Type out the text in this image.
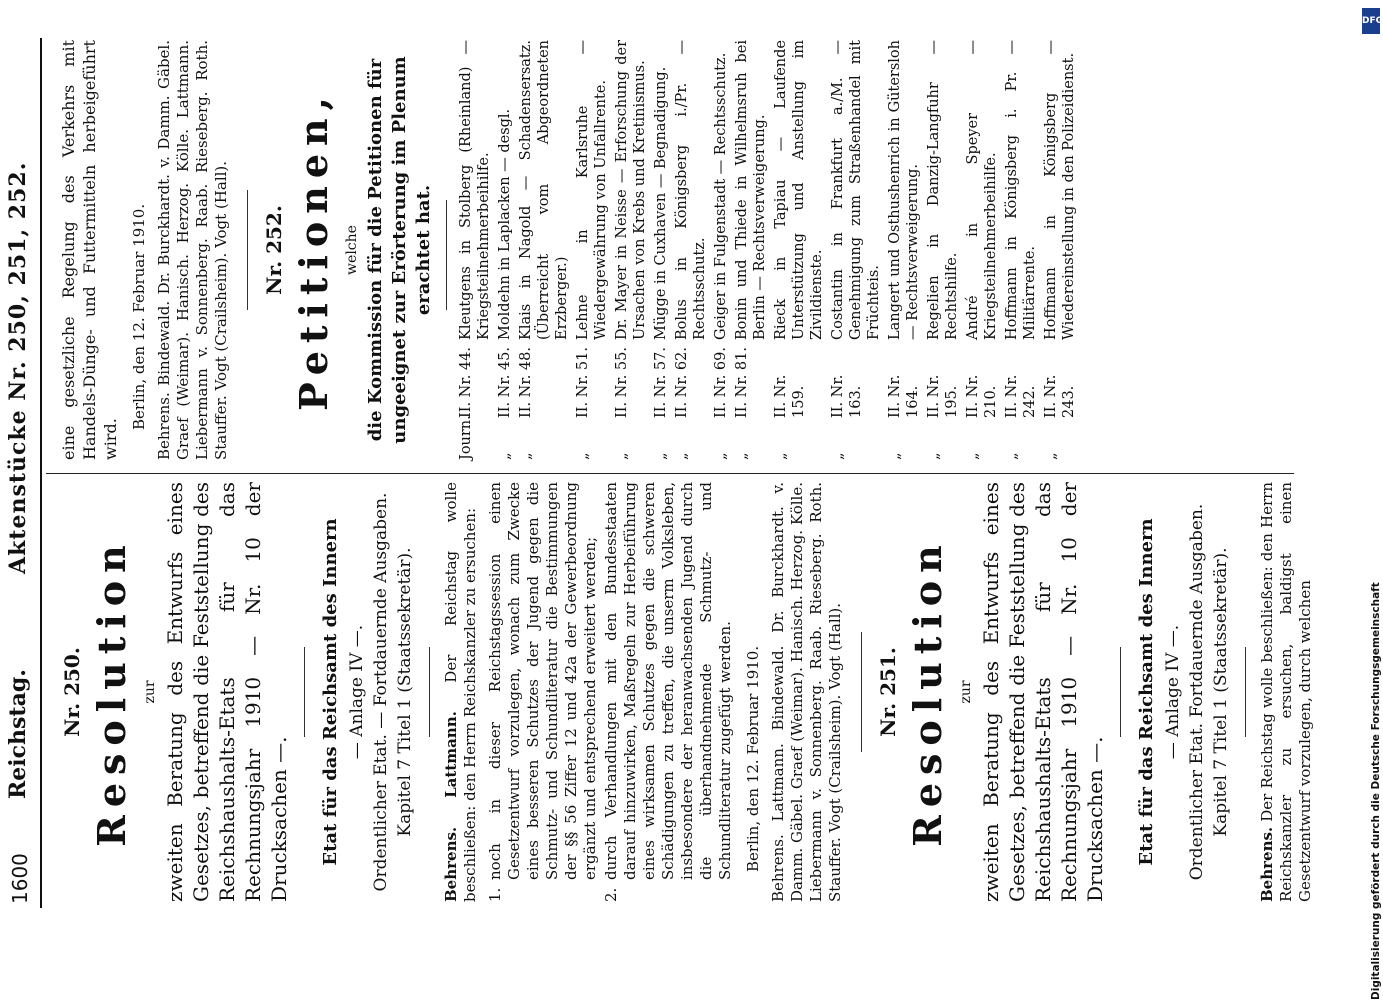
1600
Reichstag.
Aktenstücke Nr. 250, 251, 252.
Nr. 250. Resolution zur zweiten Beratung des Entwurfs eines Gesetzes, betreffend die Feststellung des Reichshaushalts-Etats für das Rechnungsjahr 1910 — Nr. 10 der Drucksachen —. Etat für das Reichsamt des Innern — Anlage IV —. Ordentlicher Etat. — Fortdauernde Ausgaben. Kapitel 7 Titel 1 (Staatssekretär). Behrens. Lattmann. Der Reichstag wolle beschließen: den Herrn Reichskanzler zu ersuchen: 1.
noch in dieser Reichstagssession einen Gesetzentwurf vorzulegen, wonach zum Zwecke eines besseren Schutzes der Jugend gegen die Schmutz- und Schundliteratur die Bestimmungen der §§ 56 Ziffer 12 und 42a der Gewerbeordnung ergänzt und entsprechend erweitert werden;
2.
durch Verhandlungen mit den Bundesstaaten darauf hinzuwirken, Maßregeln zur Herbeiführung eines wirksamen Schutzes gegen die schweren Schädigungen zu treffen, die unserm Volksleben, insbesondere der heranwachsenden Jugend durch die überhandnehmende Schmutz- und Schundliteratur zugefügt werden. Berlin, den 12. Februar 1910. Behrens. Lattmann. Bindewald. Dr. Burckhardt. v. Damm. Gäbel. Graef (Weimar). Hanisch. Herzog. Kölle. Liebermann v. Sonnenberg. Raab. Rieseberg. Roth. Stauffer. Vogt (Crailsheim). Vogt (Hall). Nr. 251. Resolution zur zweiten Beratung des Entwurfs eines Gesetzes, betreffend die Feststellung des Reichshaushalts-Etats für das Rechnungsjahr 1910 — Nr. 10 der Drucksachen —. Etat für das Reichsamt des Innern — Anlage IV —. Ordentlicher Etat. Fortdauernde Ausgaben. Kapitel 7 Titel 1 (Staatssekretär).
Behrens. Der Reichstag wolle beschließen: den Herrn Reichskanzler zu ersuchen, baldigst einen Gesetzentwurf vorzulegen, durch welchen
eine gesetzliche Regelung des Verkehrs mit Handels-Dünge- und Futtermitteln herbeigeführt wird.
Berlin, den 12. Februar 1910. Behrens. Bindewald. Dr. Burckhardt. v. Damm. Gäbel. Graef (Weimar). Hanisch. Herzog. Kölle. Lattmann. Liebermann v. Sonnenberg. Raab. Rieseberg. Roth. Stauffer. Vogt (Crailsheim). Vogt (Hall). Nr. 252. Petitionen, welche die Kommission für die Petitionen für ungeeignet zur Erörterung im Plenum erachtet hat.
Journ.
II. Nr. 44.
Kleutgens in Stolberg (Rheinland) — Kriegsteilnehmerbeihilfe.
„
II. Nr. 45.
Moldehn in Laplacken — desgl.
„
II. Nr. 48.
Klais in Nagold — Schadensersatz. (Überreicht vom Abgeordneten Erzberger.)
„
II. Nr. 51.
Lehne in Karlsruhe — Wiedergewährung von Unfallrente.
„
II. Nr. 55.
Dr. Mayer in Neisse — Erforschung der Ursachen von Krebs und Kretinismus.
„
II. Nr. 57.
Mügge in Cuxhaven — Begnadigung.
„
II. Nr. 62.
Bolus in Königsberg i./Pr. — Rechtsschutz.
„
II. Nr. 69.
Geiger in Fulgenstadt — Rechtsschutz.
„
II. Nr. 81.
Bonin und Thiede in Wilhelmsruh bei Berlin — Rechtsverweigerung.
„
II. Nr. 159.
Rieck in Tapiau — Laufende Unterstützung und Anstellung im Zivildienste.
„
II. Nr. 163.
Costantin in Frankfurt a./M. — Genehmigung zum Straßenhandel mit Früchteis.
„
II. Nr. 164.
Langert und Osthushenrich in Gütersloh — Rechtsverweigerung.
„
II. Nr. 195.
Regelien in Danzig-Langfuhr — Rechtshilfe.
„
II. Nr. 210.
André in Speyer — Kriegsteilnehmerbeihilfe.
„
II. Nr. 242.
Hoffmann in Königsberg i. Pr. — Militärrente.
„
II. Nr. 243.
Hoffmann in Königsberg — Wiedereinstellung in den Polizeidienst.
DFG
Digitalisierung gefördert durch die Deutsche Forschungsgemeinschaft
